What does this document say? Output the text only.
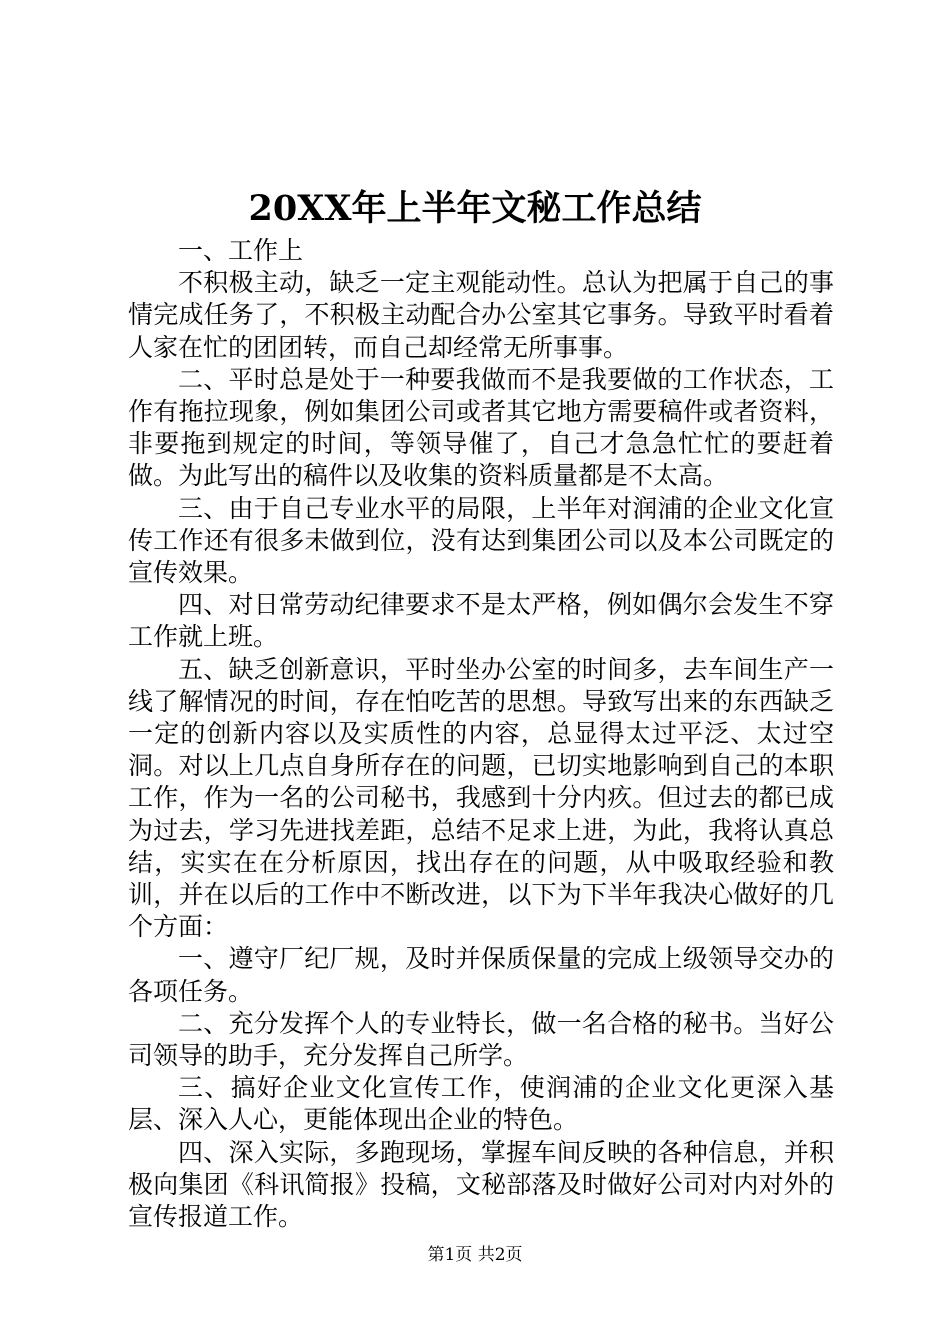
20XX年上半年文秘工作总结

一、工作上

不积极主动，缺乏一定主观能动性。总认为把属于自己的事情完成任务了，不积极主动配合办公室其它事务。导致平时看着人家在忙的团团转，而自己却经常无所事事。

二、平时总是处于一种要我做而不是我要做的工作状态，工作有拖拉现象，例如集团公司或者其它地方需要稿件或者资料，非要拖到规定的时间，等领导催了，自己才急急忙忙的要赶着做。为此写出的稿件以及收集的资料质量都是不太高。

三、由于自己专业水平的局限，上半年对润浦的企业文化宣传工作还有很多未做到位，没有达到集团公司以及本公司既定的宣传效果。

四、对日常劳动纪律要求不是太严格，例如偶尔会发生不穿工作就上班。

五、缺乏创新意识，平时坐办公室的时间多，去车间生产一线了解情况的时间，存在怕吃苦的思想。导致写出来的东西缺乏一定的创新内容以及实质性的内容，总显得太过平泛、太过空洞。对以上几点自身所存在的问题，已切实地影响到自己的本职工作，作为一名的公司秘书，我感到十分内疚。但过去的都已成为过去，学习先进找差距，总结不足求上进，为此，我将认真总结，实实在在分析原因，找出存在的问题，从中吸取经验和教训，并在以后的工作中不断改进，以下为下半年我决心做好的几个方面：

一、遵守厂纪厂规，及时并保质保量的完成上级领导交办的各项任务。

二、充分发挥个人的专业特长，做一名合格的秘书。当好公司领导的助手，充分发挥自己所学。

三、搞好企业文化宣传工作，使润浦的企业文化更深入基层、深入人心，更能体现出企业的特色。

四、深入实际，多跑现场，掌握车间反映的各种信息，并积极向集团《科讯简报》投稿，文秘部落及时做好公司对内对外的宣传报道工作。

第1页 共2页
